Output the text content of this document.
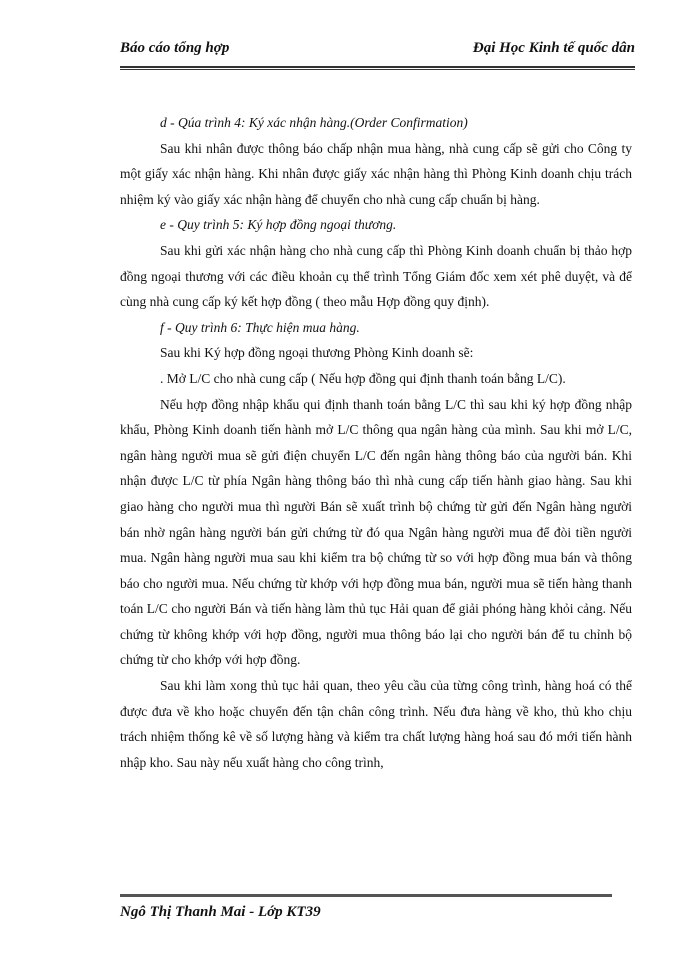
Báo cáo tổng hợp	Đại Học Kinh tế quốc dân

d - Qúa trình 4: Ký xác nhận hàng.(Order Confirmation)

Sau khi nhân được thông báo chấp nhận mua hàng, nhà cung cấp sẽ gửi cho Công ty một giấy xác nhận hàng. Khi nhân được giấy xác nhận hàng thì Phòng Kinh doanh chịu trách nhiệm ký vào giấy xác nhận hàng để chuyển cho nhà cung cấp chuẩn bị hàng.

e - Quy trình 5: Ký hợp đồng ngoại thương.

Sau khi gửi xác nhận hàng cho nhà cung cấp thì Phòng Kinh doanh chuẩn bị thảo hợp đồng ngoại thương với các điều khoản cụ thể trình Tổng Giám đốc xem xét phê duyệt, và để cùng nhà cung cấp ký kết hợp đồng ( theo mẫu Hợp đồng quy định).

f - Quy trình 6: Thực hiện mua hàng.

Sau khi Ký hợp đồng ngoại thương Phòng Kinh doanh sẽ:

. Mở L/C cho nhà cung cấp ( Nếu hợp đồng qui định thanh toán bằng L/C).

Nếu hợp đồng nhập khẩu qui định thanh toán bằng L/C thì sau khi ký hợp đồng nhập khẩu, Phòng Kinh doanh tiến hành mở L/C thông qua ngân hàng của mình. Sau khi mở L/C, ngân hàng người mua sẽ gửi điện chuyển L/C đến ngân hàng thông báo của người bán. Khi nhận được L/C từ phía Ngân hàng thông báo thì nhà cung cấp tiến hành giao hàng. Sau khi giao hàng cho người mua thì người Bán sẽ xuất trình bộ chứng từ gửi đến Ngân hàng người bán nhờ ngân hàng người bán gửi chứng từ đó qua Ngân hàng người mua để đòi tiền người mua. Ngân hàng người mua sau khi kiểm tra bộ chứng từ so với hợp đồng mua bán và thông báo cho người mua. Nếu chứng từ khớp với hợp đồng mua bán, người mua sẽ tiến hàng thanh toán L/C cho người Bán và tiến hàng làm thủ tục Hải quan để giải phóng hàng khỏi cảng. Nếu chứng từ không khớp với hợp đồng, người mua thông báo lại cho người bán để tu chỉnh bộ chứng từ cho khớp với hợp đồng.

Sau khi làm xong thủ tục hải quan, theo yêu cầu của từng công trình, hàng hoá có thể được đưa về kho hoặc chuyển đến tận chân công trình. Nếu đưa hàng về kho, thủ kho chịu trách nhiệm thống kê về số lượng hàng và kiểm tra chất lượng hàng hoá sau đó mới tiến hành nhập kho. Sau này nếu xuất hàng cho công trình,

Ngô Thị Thanh Mai - Lớp KT39
